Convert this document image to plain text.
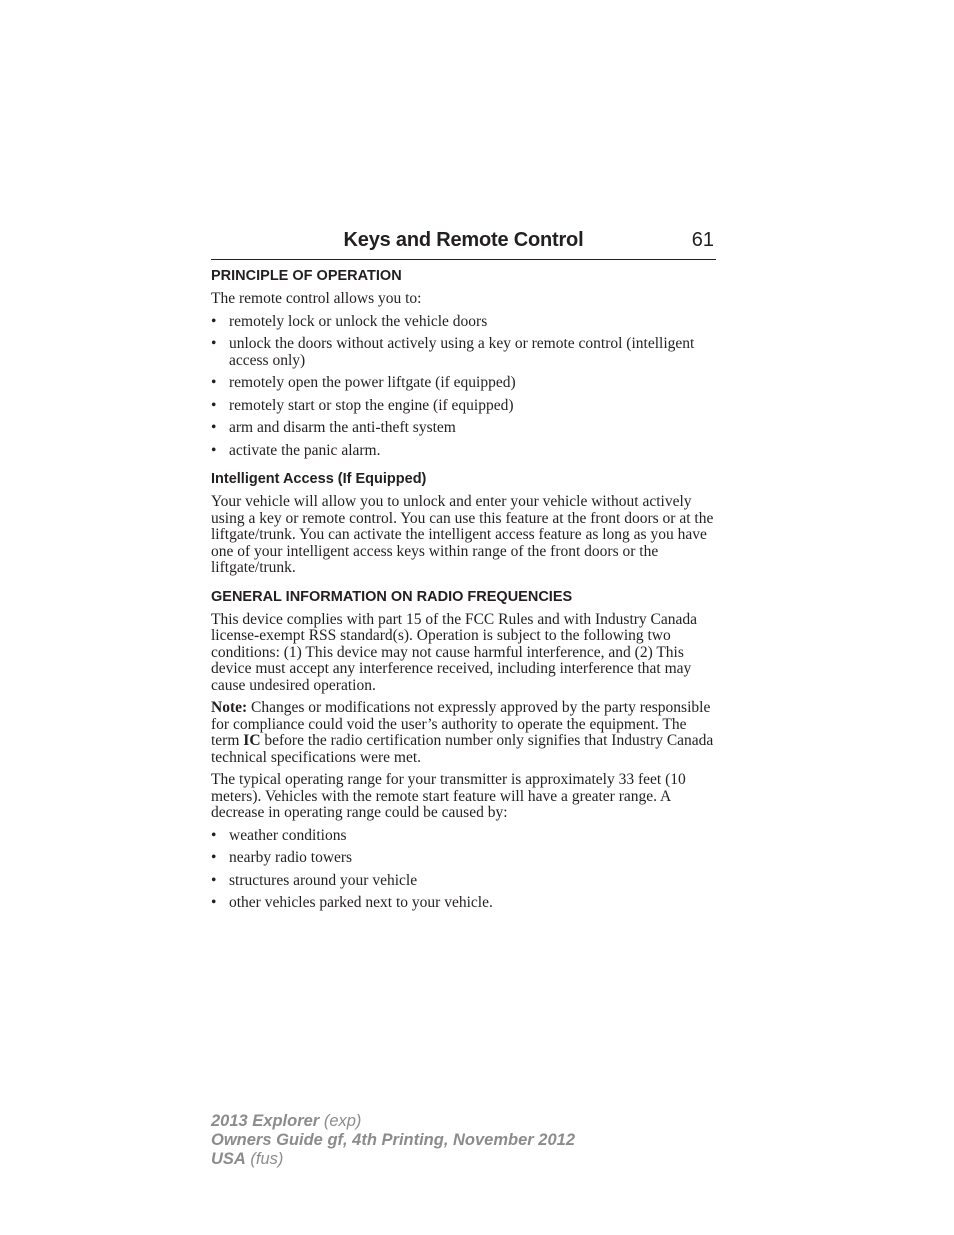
Keys and Remote Control	61
PRINCIPLE OF OPERATION

The remote control allows you to:

• remotely lock or unlock the vehicle doors
• unlock the doors without actively using a key or remote control (intelligent access only)
• remotely open the power liftgate (if equipped)
• remotely start or stop the engine (if equipped)
• arm and disarm the anti-theft system
• activate the panic alarm.
Intelligent Access (If Equipped)

Your vehicle will allow you to unlock and enter your vehicle without actively using a key or remote control. You can use this feature at the front doors or at the liftgate/trunk. You can activate the intelligent access feature as long as you have one of your intelligent access keys within range of the front doors or the liftgate/trunk.

GENERAL INFORMATION ON RADIO FREQUENCIES

This device complies with part 15 of the FCC Rules and with Industry Canada license-exempt RSS standard(s). Operation is subject to the following two conditions: (1) This device may not cause harmful interference, and (2) This device must accept any interference received, including interference that may cause undesired operation.

Note: Changes or modifications not expressly approved by the party responsible for compliance could void the user’s authority to operate the equipment. The term IC before the radio certification number only signifies that Industry Canada technical specifications were met.

The typical operating range for your transmitter is approximately 33 feet (10 meters). Vehicles with the remote start feature will have a greater range. A decrease in operating range could be caused by:

• weather conditions
• nearby radio towers
• structures around your vehicle
• other vehicles parked next to your vehicle.
2013 Explorer (exp)
Owners Guide gf, 4th Printing, November 2012
USA (fus)
